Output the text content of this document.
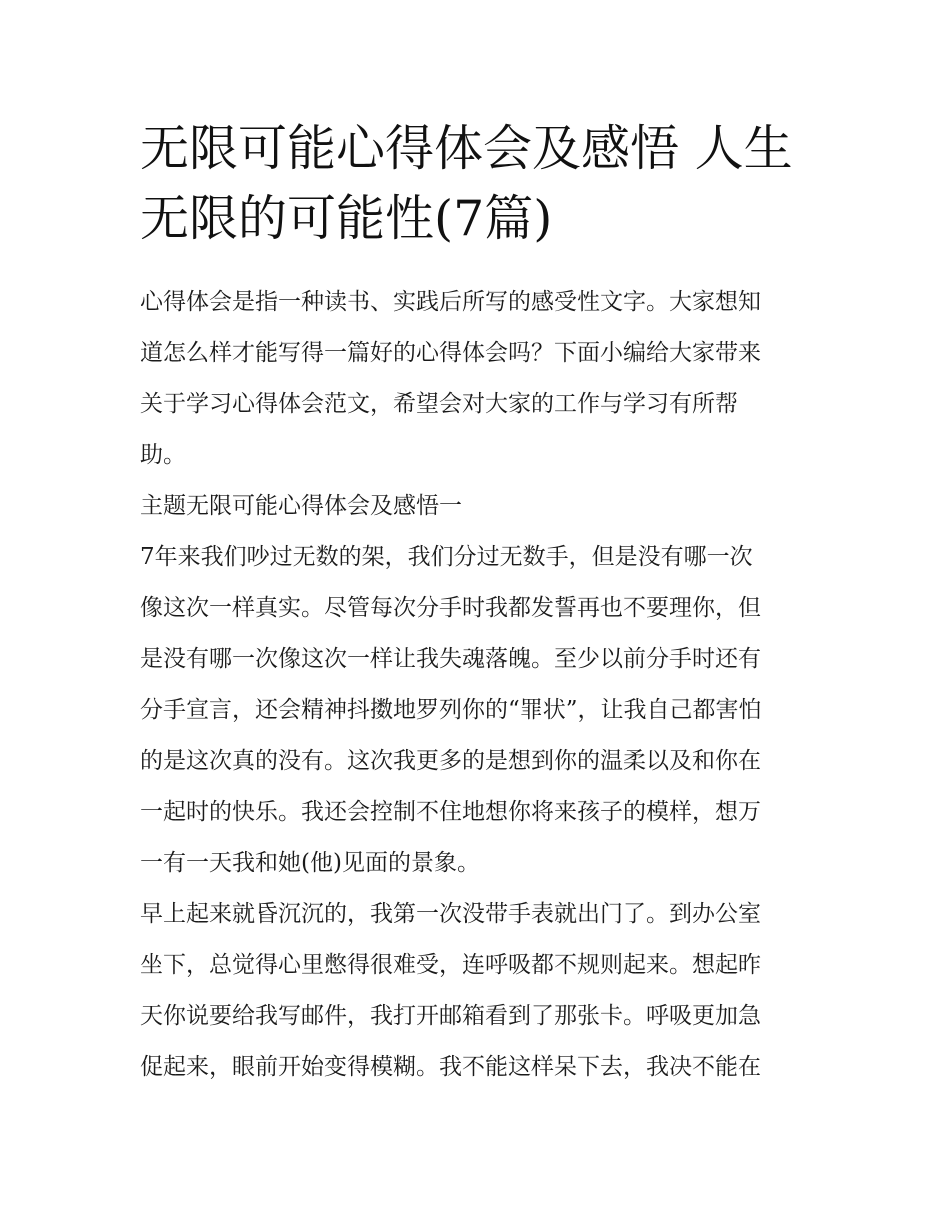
无限可能心得体会及感悟 人生
无限的可能性(7篇)
心得体会是指一种读书、实践后所写的感受性文字。大家想知
道怎么样才能写得一篇好的心得体会吗？下面小编给大家带来
关于学习心得体会范文，希望会对大家的工作与学习有所帮
助。
主题无限可能心得体会及感悟一
7年来我们吵过无数的架，我们分过无数手，但是没有哪一次
像这次一样真实。尽管每次分手时我都发誓再也不要理你，但
是没有哪一次像这次一样让我失魂落魄。至少以前分手时还有
分手宣言，还会精神抖擞地罗列你的“罪状”，让我自己都害怕
的是这次真的没有。这次我更多的是想到你的温柔以及和你在
一起时的快乐。我还会控制不住地想你将来孩子的模样，想万
一有一天我和她(他)见面的景象。
早上起来就昏沉沉的，我第一次没带手表就出门了。到办公室
坐下，总觉得心里憋得很难受，连呼吸都不规则起来。想起昨
天你说要给我写邮件，我打开邮箱看到了那张卡。呼吸更加急
促起来，眼前开始变得模糊。我不能这样呆下去，我决不能在
